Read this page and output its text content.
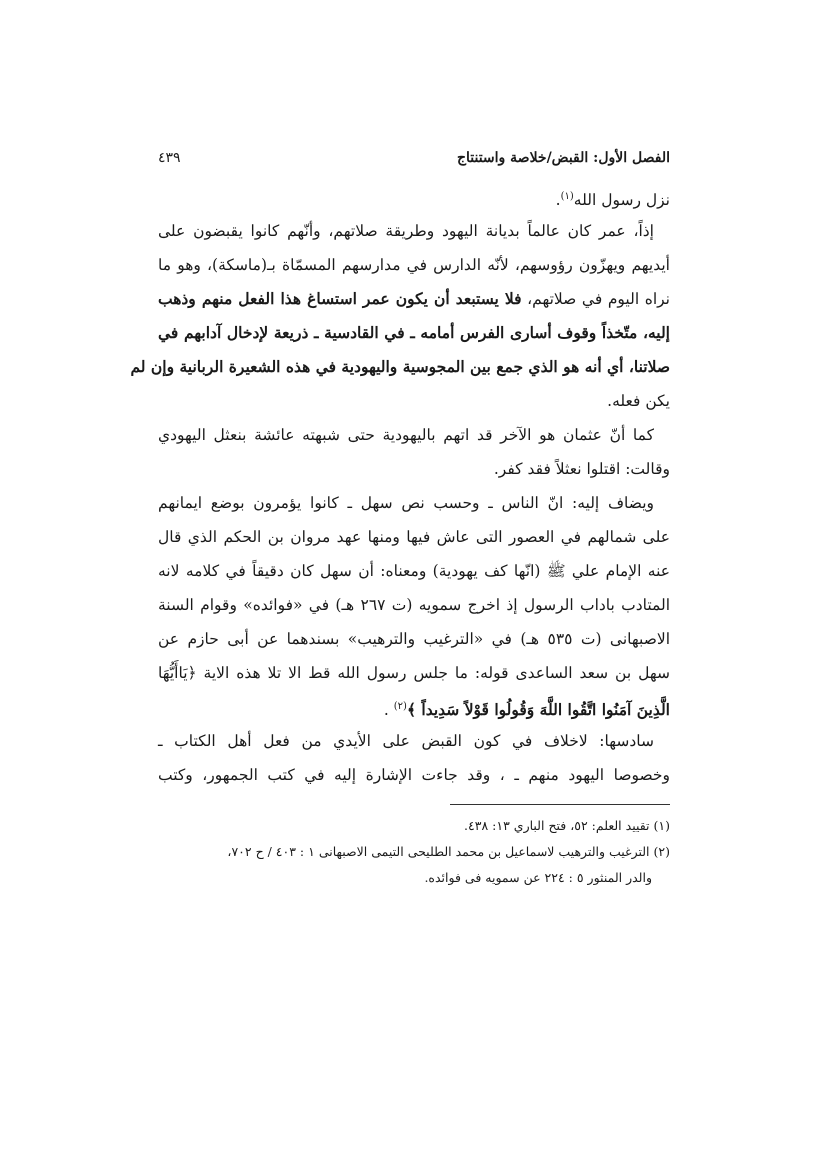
الفصل الأول: القبض/خلاصة واستنتاج
٤٣٩
نزل رسول الله$^{(١)}$.
إذاً، عمر كان عالماً بديانة اليهود وطريقة صلاتهم، وأنّهم كانوا يقبضون على
أيديهم ويهزّون رؤوسهم، لأنّه الدارس في مدارسهم المسمّاة بـ(ماسكة)، وهو ما
نراه اليوم في صلاتهم، فلا يستبعد أن يكون عمر استساغ هذا الفعل منهم وذهب
إليه، متّخذاً وقوف أسارى الفرس أمامه ـ في القادسية ـ ذريعة لإدخال آدابهم في
صلاتنا، أي أنه هو الذي جمع بين المجوسية واليهودية في هذه الشعيرة الربانية وإن لم
يكن فعله.
كما أنّ عثمان هو الآخر قد اتهم باليهودية حتى شبهته عائشة بنعثل اليهودي
وقالت: اقتلوا نعثلاً فقد كفر.
ويضاف إليه: انّ الناس ـ وحسب نص سهل ـ كانوا يؤمرون بوضع ايمانهم
على شمالهم في العصور التى عاش فيها ومنها عهد مروان بن الحكم الذي قال
عنه الإمام علي ﷺ (انّها كف يهودية) ومعناه: أن سهل كان دقيقاً في كلامه لانه
المتادب باداب الرسول إذ اخرج سمويه (ت ٢٦٧ هـ) في «فوائده» وقوام السنة
الاصبهانى (ت ٥٣٥ هـ) في «الترغيب والترهيب» بسندهما عن أبى حازم عن
سهل بن سعد الساعدى قوله: ما جلس رسول الله قط الا تلا هذه الاية ﴿يَاأَيُّهَا
الَّذِينَ آمَنُوا اتَّقُوا اللَّهَ وَقُولُوا قَوْلاً سَدِيداً ﴾$^{(٢)}$ .
سادسها: لاخلاف في كون القبض على الأيدي من فعل أهل الكتاب ـ
وخصوصا اليهود منهم ـ ، وقد جاءت الإشارة إليه في كتب الجمهور، وكتب
(١) تقييد العلم: ٥٢، فتح الباري ١٣: ٤٣٨.
(٢) الترغيب والترهيب لاسماعيل بن محمد الطليحى التيمى الاصبهانى ١ : ٤٠٣ / ح ٧٠٢،
والدر المنثور ٥ : ٢٢٤ عن سمويه فى فوائده.
